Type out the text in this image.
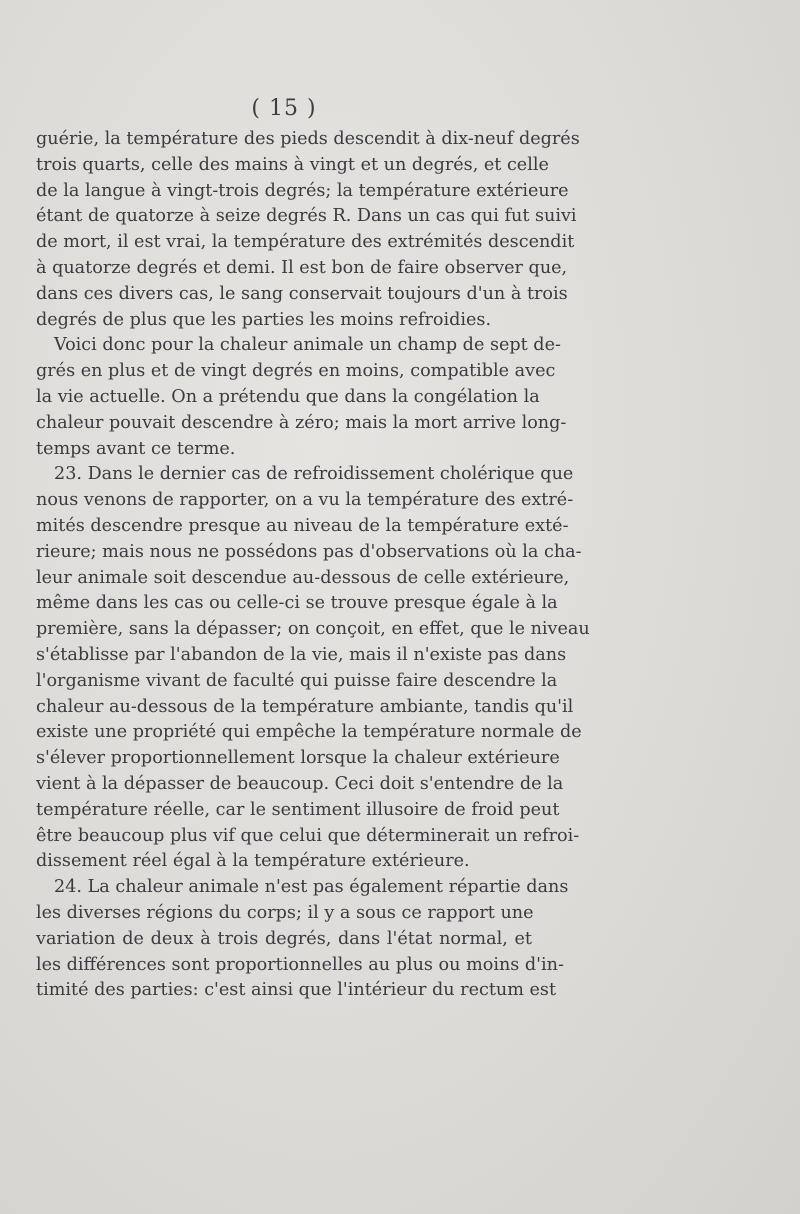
( 15 )
guérie, la température des pieds descendit à dix-neuf degrés
trois quarts, celle des mains à vingt et un degrés, et celle
de la langue à vingt-trois degrés; la température extérieure
étant de quatorze à seize degrés R. Dans un cas qui fut suivi
de mort, il est vrai, la température des extrémités descendit
à quatorze degrés et demi. Il est bon de faire observer que,
dans ces divers cas, le sang conservait toujours d'un à trois
degrés de plus que les parties les moins refroidies.
Voici donc pour la chaleur animale un champ de sept de-
grés en plus et de vingt degrés en moins, compatible avec
la vie actuelle. On a prétendu que dans la congélation la
chaleur pouvait descendre à zéro; mais la mort arrive long-
temps avant ce terme.
23. Dans le dernier cas de refroidissement cholérique que
nous venons de rapporter, on a vu la température des extré-
mités descendre presque au niveau de la température exté-
rieure; mais nous ne possédons pas d'observations où la cha-
leur animale soit descendue au-dessous de celle extérieure,
même dans les cas ou celle-ci se trouve presque égale à la
première, sans la dépasser; on conçoit, en effet, que le niveau
s'établisse par l'abandon de la vie, mais il n'existe pas dans
l'organisme vivant de faculté qui puisse faire descendre la
chaleur au-dessous de la température ambiante, tandis qu'il
existe une propriété qui empêche la température normale de
s'élever proportionnellement lorsque la chaleur extérieure
vient à la dépasser de beaucoup. Ceci doit s'entendre de la
température réelle, car le sentiment illusoire de froid peut
être beaucoup plus vif que celui que déterminerait un refroi-
dissement réel égal à la température extérieure.
24. La chaleur animale n'est pas également répartie dans
les diverses régions du corps; il y a sous ce rapport une
variation de deux à trois degrés, dans l'état normal, et
les différences sont proportionnelles au plus ou moins d'in-
timité des parties: c'est ainsi que l'intérieur du rectum est
